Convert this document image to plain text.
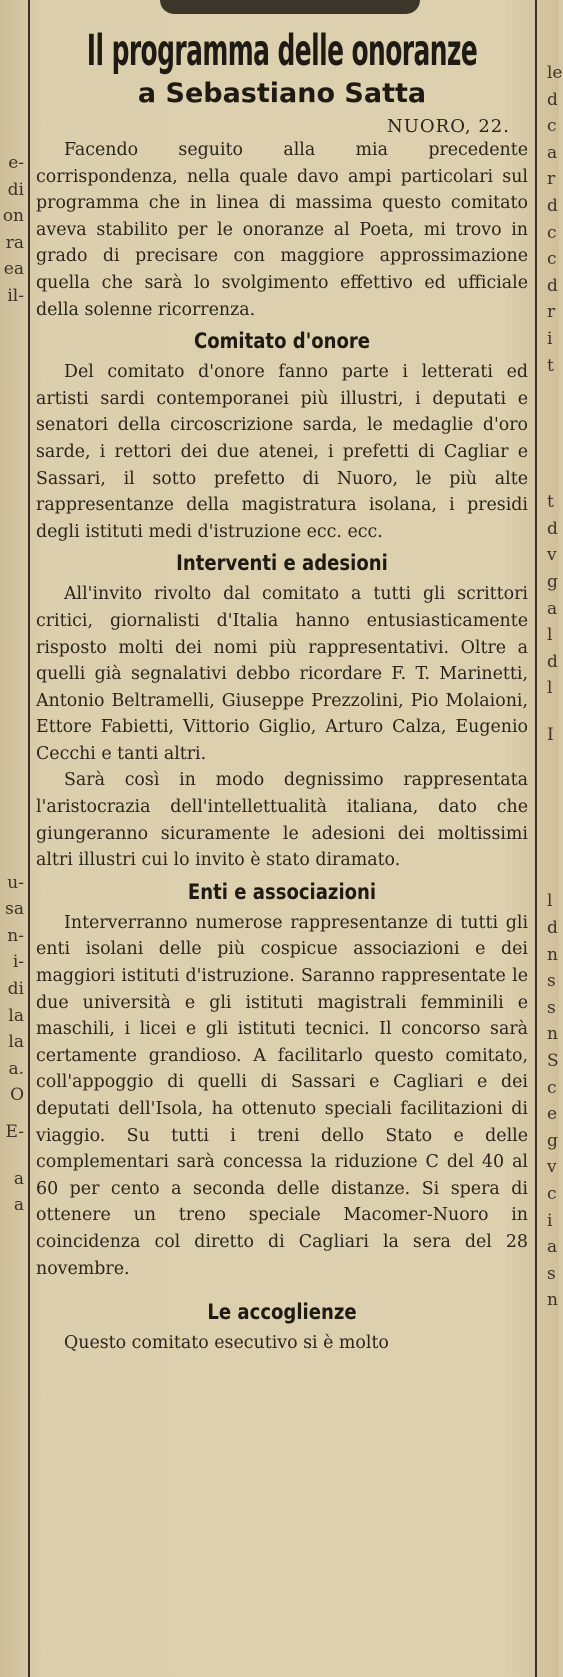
e-
di
on
ra
ea
il-
u-
sa
n-
i-
di
la
la
a.
O
E-
a
a
le
d
c
a
r
d
c
c
d
r
i
t
t
d
v
g
a
l
d
l
I
l
d
n
s
s
n
S
c
e
g
v
c
i
a
s
n
Il programma delle onoranze
a Sebastiano Satta
NUORO, 22.

Facendo seguito alla mia precedente corrispondenza, nella quale davo ampi particolari sul programma che in linea di massima questo comitato aveva stabilito per le onoranze al Poeta, mi trovo in grado di precisare con maggiore approssimazione quella che sarà lo svolgimento effettivo ed ufficiale della solenne ricorrenza.

Comitato d'onore

Del comitato d'onore fanno parte i letterati ed artisti sardi contemporanei più illustri, i deputati e senatori della circoscrizione sarda, le medaglie d'oro sarde, i rettori dei due atenei, i prefetti di Cagliar e Sassari, il sotto prefetto di Nuoro, le più alte rappresentanze della magistratura isolana, i presidi degli istituti medi d'istruzione ecc. ecc.

Interventi e adesioni

All'invito rivolto dal comitato a tutti gli scrittori critici, giornalisti d'Italia hanno entusiasticamente risposto molti dei nomi più rappresentativi. Oltre a quelli già segnalativi debbo ricordare F. T. Marinetti, Antonio Beltramelli, Giuseppe Prezzolini, Pio Molaioni, Ettore Fabietti, Vittorio Giglio, Arturo Calza, Eugenio Cecchi e tanti altri.

Sarà così in modo degnissimo rappresentata l'aristocrazia dell'intellettualità italiana, dato che giungeranno sicuramente le adesioni dei moltissimi altri illustri cui lo invito è stato diramato.

Enti e associazioni

Interverranno numerose rappresentanze di tutti gli enti isolani delle più cospicue associazioni e dei maggiori istituti d'istruzione. Saranno rappresentate le due università e gli istituti magistrali femminili e maschili, i licei e gli istituti tecnici. Il concorso sarà certamente grandioso. A facilitarlo questo comitato, coll'appoggio di quelli di Sassari e Cagliari e dei deputati dell'Isola, ha ottenuto speciali facilitazioni di viaggio. Su tutti i treni dello Stato e delle complementari sarà concessa la riduzione C del 40 al 60 per cento a seconda delle distanze. Si spera di ottenere un treno speciale Macomer-Nuoro in coincidenza col diretto di Cagliari la sera del 28 novembre.

Le accoglienze

Questo comitato esecutivo si è molto
